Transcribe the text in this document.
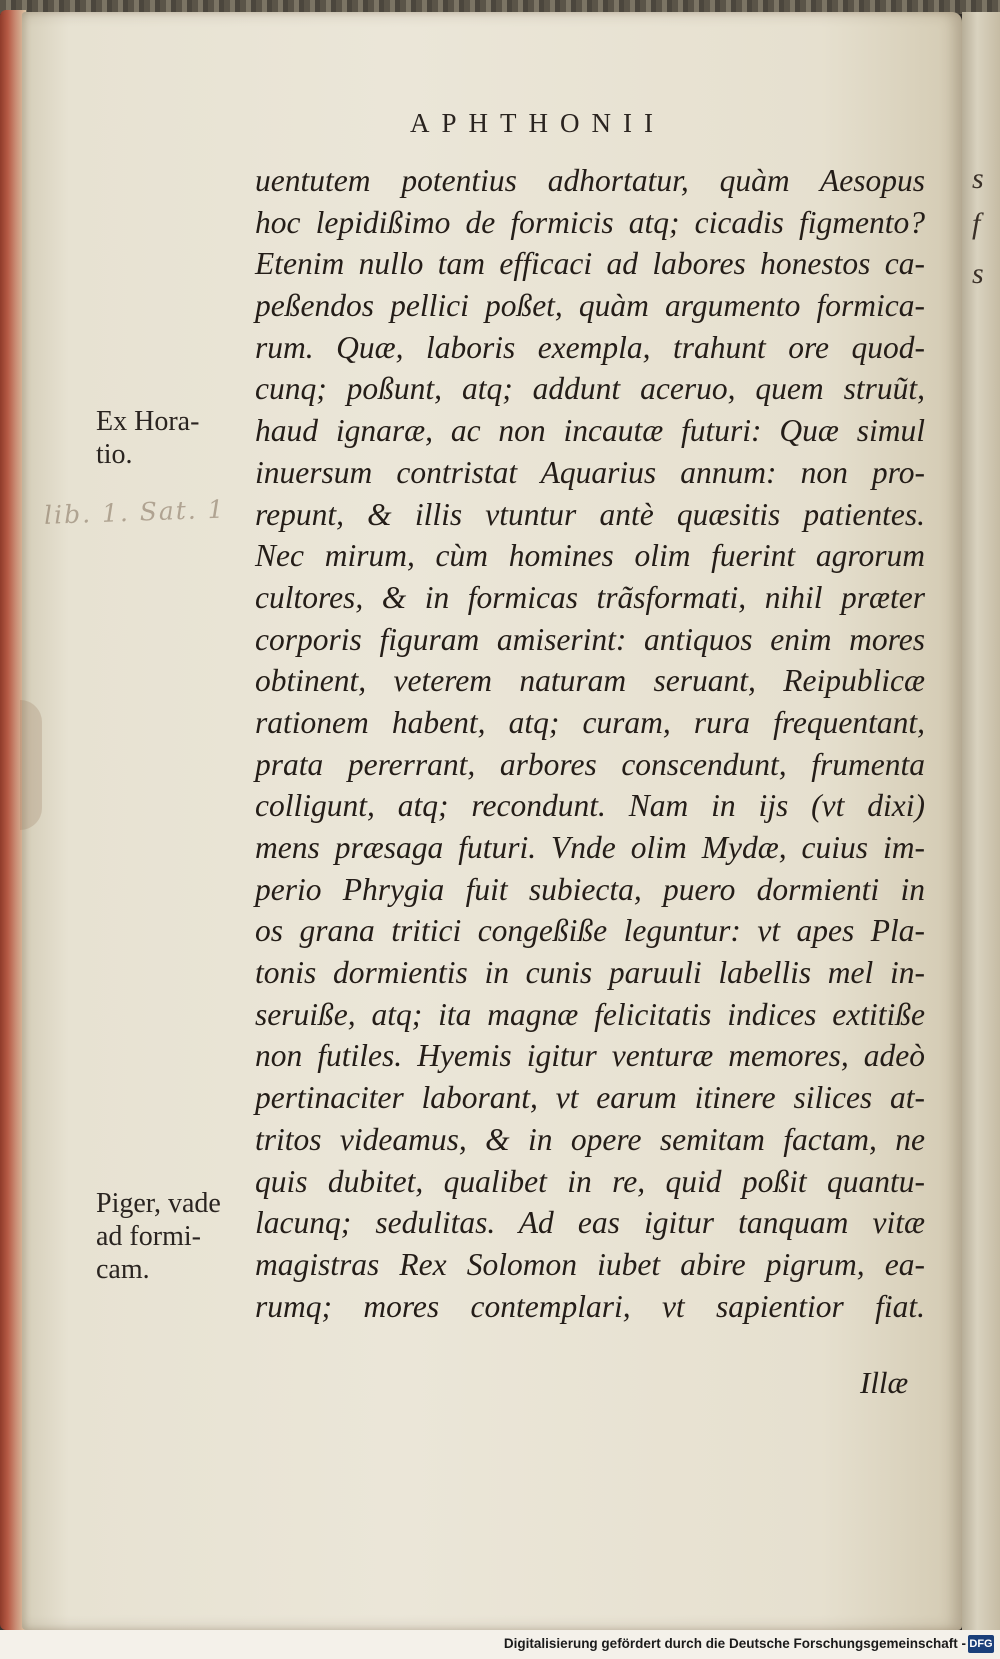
s
f
s
APHTHONII
uentutem potentius adhortatur, quàm Aesopus
hoc lepidißimo de formicis atq; cicadis figmento?
Etenim nullo tam efficaci ad labores honestos ca-
peßendos pellici poßet, quàm argumento formica-
rum. Quæ, laboris exempla, trahunt ore quod-
cunq; poßunt, atq; addunt aceruo, quem struũt,
haud ignaræ, ac non incautæ futuri: Quæ simul
inuersum contristat Aquarius annum: non pro-
repunt, & illis vtuntur antè quæsitis patientes.
Nec mirum, cùm homines olim fuerint agrorum
cultores, & in formicas trãsformati, nihil præter
corporis figuram amiserint: antiquos enim mores
obtinent, veterem naturam seruant, Reipublicæ
rationem habent, atq; curam, rura frequentant,
prata pererrant, arbores conscendunt, frumenta
colligunt, atq; recondunt. Nam in ijs (vt dixi)
mens præsaga futuri. Vnde olim Mydæ, cuius im-
perio Phrygia fuit subiecta, puero dormienti in
os grana tritici congeßiße leguntur: vt apes Pla-
tonis dormientis in cunis paruuli labellis mel in-
seruiße, atq; ita magnæ felicitatis indices extitiße
non futiles. Hyemis igitur venturæ memores, adeò
pertinaciter laborant, vt earum itinere silices at-
tritos videamus, & in opere semitam factam, ne
quis dubitet, qualibet in re, quid poßit quantu-
lacunq; sedulitas. Ad eas igitur tanquam vitæ
magistras Rex Solomon iubet abire pigrum, ea-
rumq; mores contemplari, vt sapientior fiat.
Illæ
Ex Hora-
tio.
lib. 1. Sat. 1
Piger, vade
ad formi-
cam.
Digitalisierung gefördert durch die Deutsche Forschungsgemeinschaft - DFG
